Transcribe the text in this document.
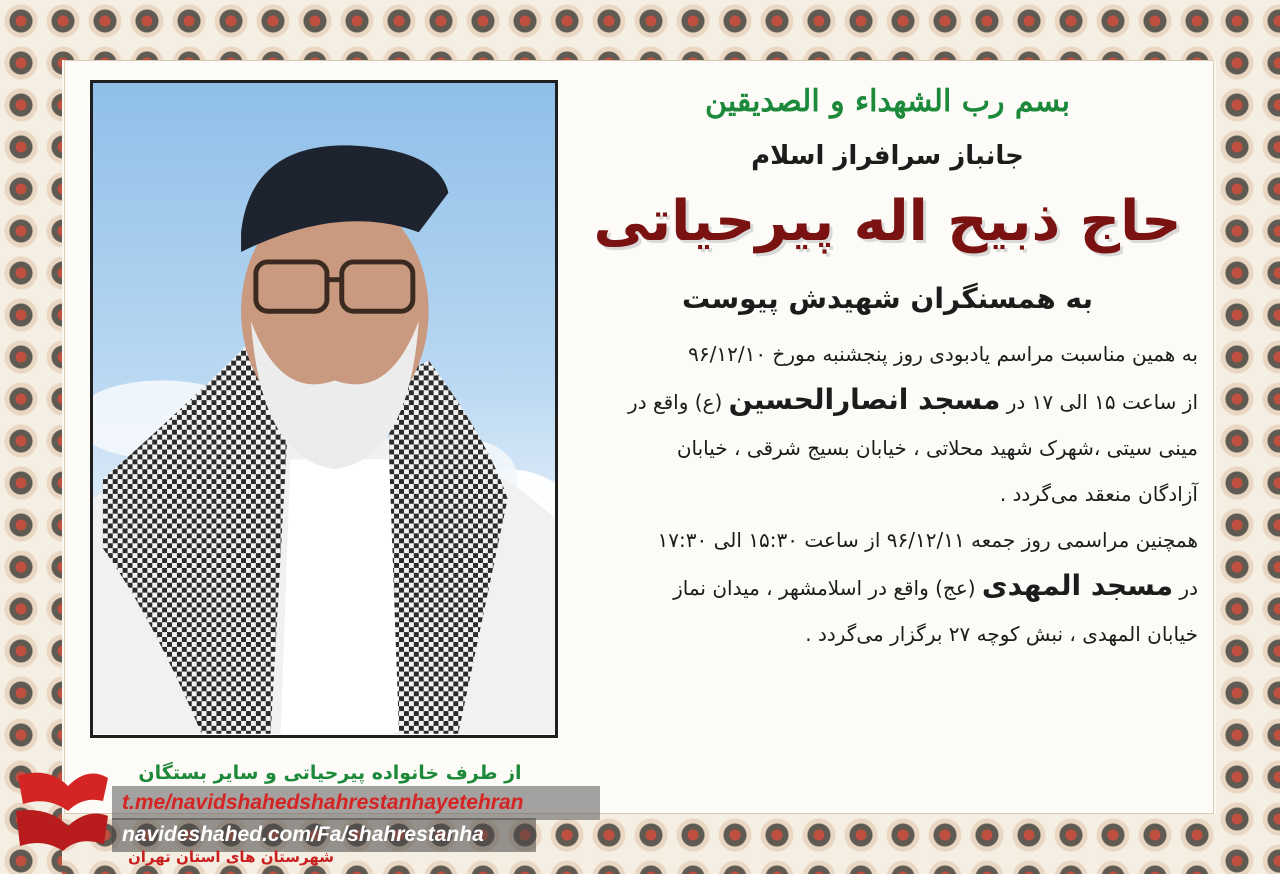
بسم رب الشهداء و الصدیقین
جانباز سرافراز اسلام
حاج ذبیح اله پیرحیاتی
به همسنگران شهیدش پیوست
به همین مناسبت مراسم یادبودی روز پنجشنبه مورخ ۹۶/۱۲/۱۰
از ساعت ۱۵ الی ۱۷ در مسجد انصارالحسین (ع) واقع در
مینی سیتی ،شهرک شهید محلاتی ، خیابان بسیج شرقی ، خیابان
آزادگان منعقد می‌گردد .
همچنین مراسمی روز جمعه ۹۶/۱۲/۱۱ از ساعت ۱۵:۳۰ الی ۱۷:۳۰
در مسجد المهدی (عج) واقع در اسلامشهر ، میدان نماز
خیابان المهدی ، نبش کوچه ۲۷ برگزار می‌گردد .
از طرف خانواده پیرحیاتی و سایر بستگان
t.me/navidshahedshahrestanhayetehran
navideshahed.com/Fa/shahrestanha
شهرستان های استان تهران
